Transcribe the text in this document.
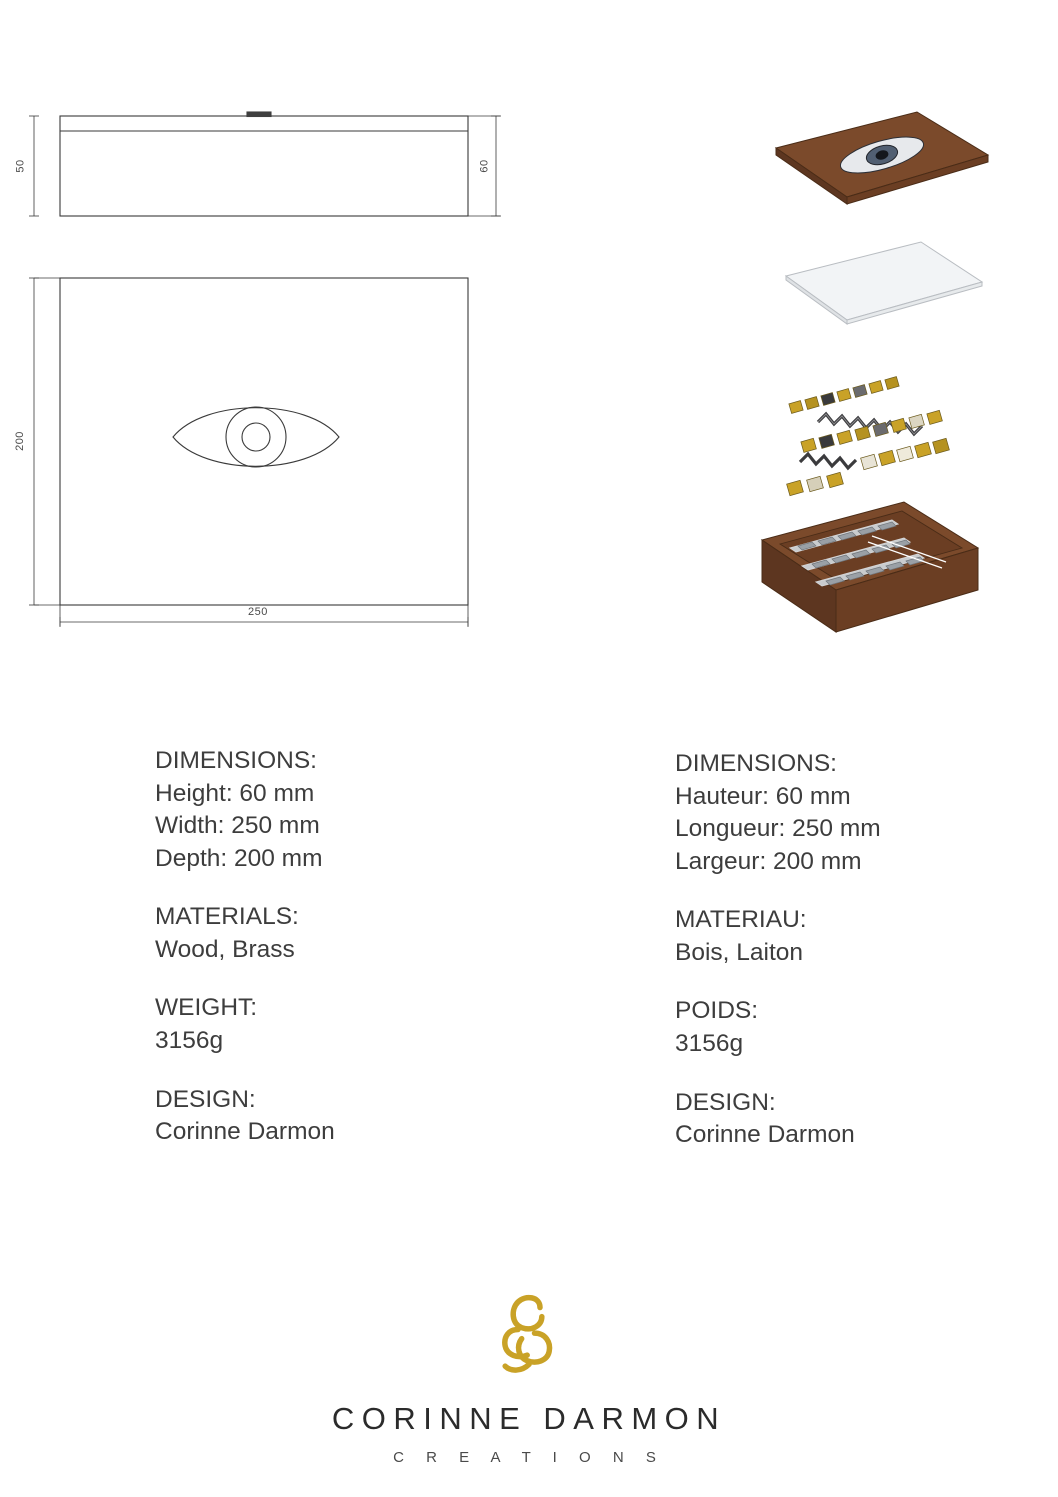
50	60
200
250
DIMENSIONS:
Height: 60 mm
Width: 250 mm
Depth: 200 mm
MATERIALS:
Wood, Brass
WEIGHT:
3156g
DESIGN:
Corinne Darmon
DIMENSIONS:
Hauteur: 60 mm
Longueur: 250 mm
Largeur: 200 mm
MATERIAU:
Bois, Laiton
POIDS:
3156g
DESIGN:
Corinne Darmon
CORINNE DARMON
C R E A T I O N S
